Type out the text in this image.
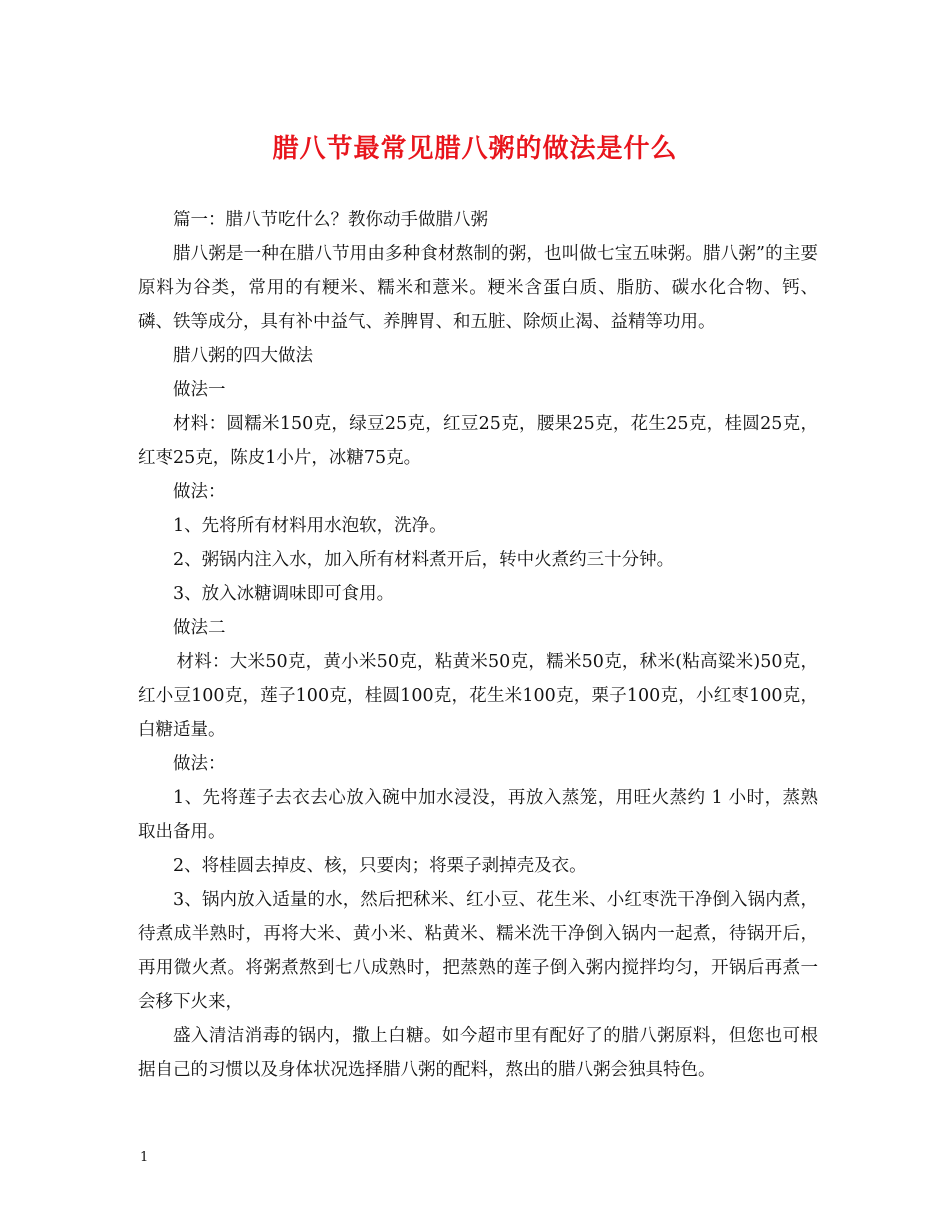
腊八节最常见腊八粥的做法是什么

篇一：腊八节吃什么？教你动手做腊八粥

腊八粥是一种在腊八节用由多种食材熬制的粥，也叫做七宝五味粥。腊八粥”的主要原料为谷类，常用的有粳米、糯米和薏米。粳米含蛋白质、脂肪、碳水化合物、钙、磷、铁等成分，具有补中益气、养脾胃、和五脏、除烦止渴、益精等功用。

腊八粥的四大做法

做法一

材料：圆糯米150克，绿豆25克，红豆25克，腰果25克，花生25克，桂圆25克，红枣25克，陈皮1小片，冰糖75克。

做法：

1、先将所有材料用水泡软，洗净。

2、粥锅内注入水，加入所有材料煮开后，转中火煮约三十分钟。

3、放入冰糖调味即可食用。

做法二

材料：大米50克，黄小米50克，粘黄米50克，糯米50克，秫米(粘高粱米)50克，红小豆100克，莲子100克，桂圆100克，花生米100克，栗子100克，小红枣100克，白糖适量。

做法：

1、先将莲子去衣去心放入碗中加水浸没，再放入蒸笼，用旺火蒸约 1 小时，蒸熟取出备用。

2、将桂圆去掉皮、核，只要肉；将栗子剥掉壳及衣。

3、锅内放入适量的水，然后把秫米、红小豆、花生米、小红枣洗干净倒入锅内煮，待煮成半熟时，再将大米、黄小米、粘黄米、糯米洗干净倒入锅内一起煮，待锅开后，再用微火煮。将粥煮熬到七八成熟时，把蒸熟的莲子倒入粥内搅拌均匀，开锅后再煮一会移下火来，

盛入清洁消毒的锅内，撒上白糖。如今超市里有配好了的腊八粥原料，但您也可根据自己的习惯以及身体状况选择腊八粥的配料，熬出的腊八粥会独具特色。

1
